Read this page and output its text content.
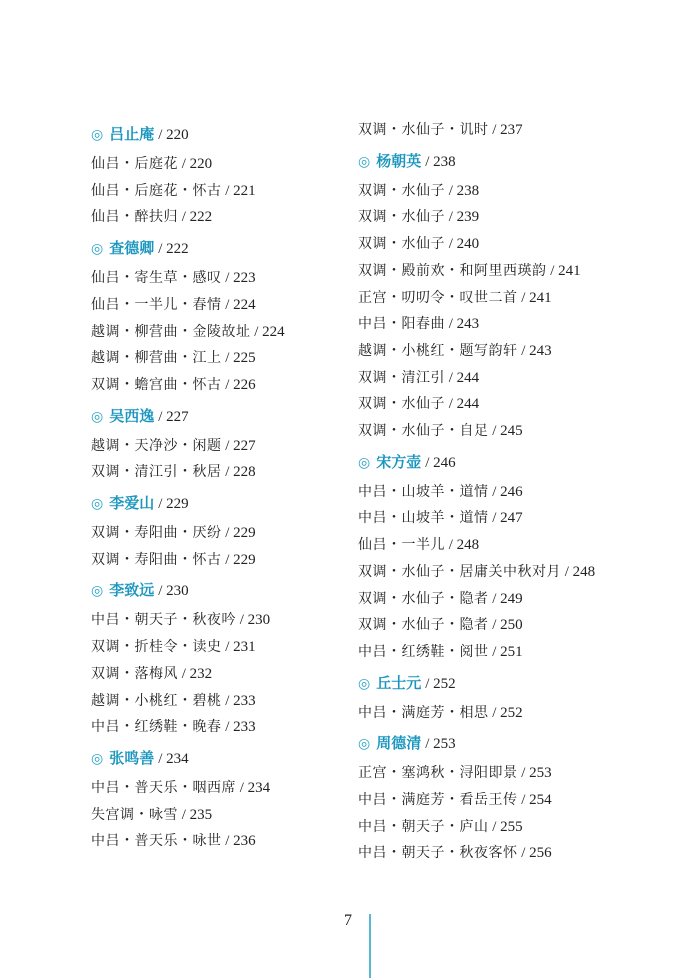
◎ 吕止庵 / 220
仙吕・后庭花 / 220
仙吕・后庭花・怀古 / 221
仙吕・醉扶归 / 222
◎ 查德卿 / 222
仙吕・寄生草・感叹 / 223
仙吕・一半儿・春情 / 224
越调・柳营曲・金陵故址 / 224
越调・柳营曲・江上 / 225
双调・蟾宫曲・怀古 / 226
◎ 吴西逸 / 227
越调・天净沙・闲题 / 227
双调・清江引・秋居 / 228
◎ 李爱山 / 229
双调・寿阳曲・厌纷 / 229
双调・寿阳曲・怀古 / 229
◎ 李致远 / 230
中吕・朝天子・秋夜吟 / 230
双调・折桂令・读史 / 231
双调・落梅风 / 232
越调・小桃红・碧桃 / 233
中吕・红绣鞋・晚春 / 233
◎ 张鸣善 / 234
中吕・普天乐・咽西席 / 234
失宫调・咏雪 / 235
中吕・普天乐・咏世 / 236
双调・水仙子・讥时 / 237
◎ 杨朝英 / 238
双调・水仙子 / 238
双调・水仙子 / 239
双调・水仙子 / 240
双调・殿前欢・和阿里西瑛韵 / 241
正宫・叨叨令・叹世二首 / 241
中吕・阳春曲 / 243
越调・小桃红・题写韵轩 / 243
双调・清江引 / 244
双调・水仙子 / 244
双调・水仙子・自足 / 245
◎ 宋方壶 / 246
中吕・山坡羊・道情 / 246
中吕・山坡羊・道情 / 247
仙吕・一半儿 / 248
双调・水仙子・居庸关中秋对月 / 248
双调・水仙子・隐者 / 249
双调・水仙子・隐者 / 250
中吕・红绣鞋・阅世 / 251
◎ 丘士元 / 252
中吕・满庭芳・相思 / 252
◎ 周德清 / 253
正宫・塞鸿秋・浔阳即景 / 253
中吕・满庭芳・看岳王传 / 254
中吕・朝天子・庐山 / 255
中吕・朝天子・秋夜客怀 / 256
7
